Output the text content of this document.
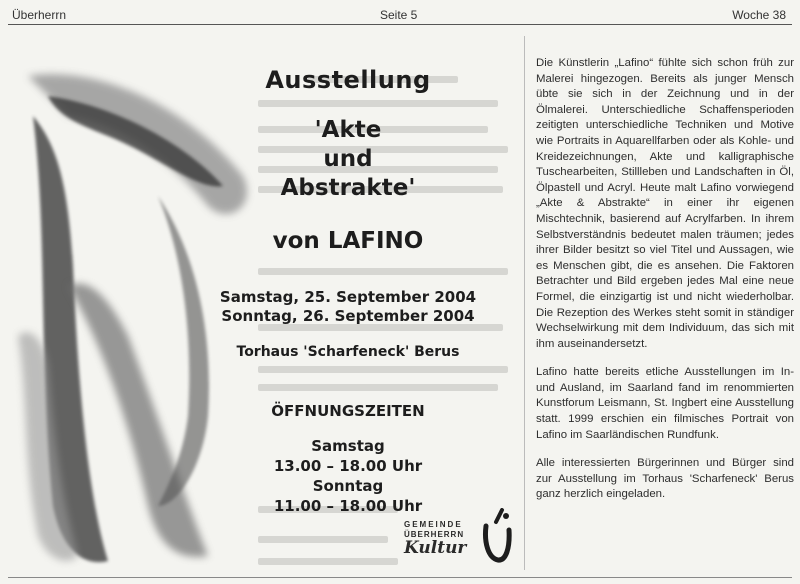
Überherrn	Seite 5	Woche 38
Ausstellung
'Akte
und
Abstrakte'
von LAFINO
Samstag, 25. September 2004
Sonntag, 26. September 2004
Torhaus 'Scharfeneck' Berus
ÖFFNUNGSZEITEN
Samstag
13.00 – 18.00 Uhr
Sonntag
11.00 – 18.00 Uhr
GEMEINDE
ÜBERHERRN
Kultur

Die Künstlerin „Lafino“ fühlte sich schon früh zur Malerei hingezogen. Bereits als junger Mensch übte sie sich in der Zeichnung und in der Ölmalerei. Unterschiedliche Schaffensperioden zeitigten unterschiedliche Techniken und Motive wie Portraits in Aquarellfarben oder als Kohle- und Kreidezeichnungen, Akte und kalligraphische Tuschearbeiten, Stillleben und Landschaften in Öl, Ölpastell und Acryl. Heute malt Lafino vorwiegend „Akte & Abstrakte“ in einer ihr eigenen Mischtechnik, basierend auf Acrylfarben. In ihrem Selbstverständnis bedeutet malen träumen; jedes ihrer Bilder besitzt so viel Titel und Aussagen, wie es Menschen gibt, die es ansehen. Die Faktoren Betrachter und Bild ergeben jedes Mal eine neue Formel, die einzigartig ist und nicht wiederholbar. Die Rezeption des Werkes steht somit in ständiger Wechselwirkung mit dem Individuum, das sich mit ihm auseinandersetzt.

Lafino hatte bereits etliche Ausstellungen im In- und Ausland, im Saarland fand im renommierten Kunstforum Leismann, St. Ingbert eine Ausstellung statt. 1999 erschien ein filmisches Portrait von Lafino im Saarländischen Rundfunk.

Alle interessierten Bürgerinnen und Bürger sind zur Ausstellung im Torhaus 'Scharfeneck' Berus ganz herzlich eingeladen.
